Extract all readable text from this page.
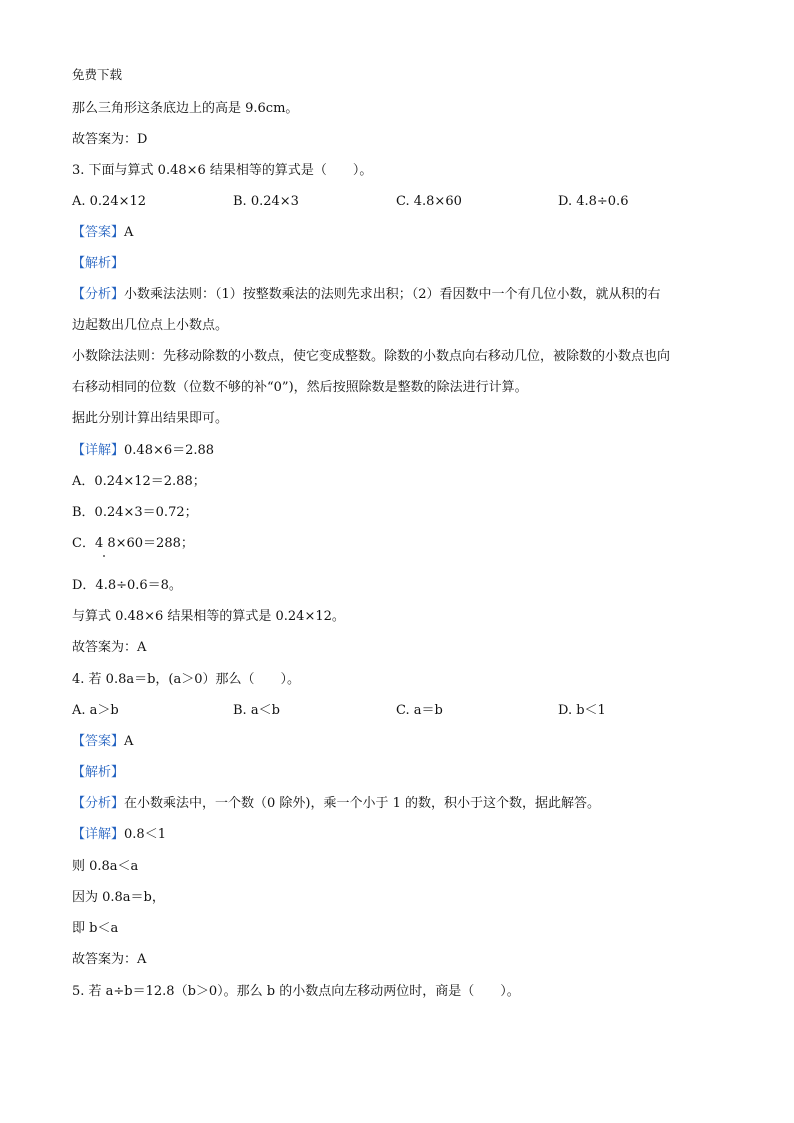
免费下载
那么三角形这条底边上的高是 9.6cm。
故答案为：D
3. 下面与算式 0.48×6 结果相等的算式是（　　）。
A. 0.24×12	B. 0.24×3	C. 4.8×60	D. 4.8÷0.6
【答案】A
【解析】
【分析】小数乘法法则：（1）按整数乘法的法则先求出积；（2）看因数中一个有几位小数，就从积的右
边起数出几位点上小数点。
小数除法法则：先移动除数的小数点，使它变成整数。除数的小数点向右移动几位，被除数的小数点也向
右移动相同的位数（位数不够的补“0”)，然后按照除数是整数的除法进行计算。
据此分别计算出结果即可。
【详解】0.48×6＝2.88
A．0.24×12＝2.88；
B．0.24×3＝0.72；
C．4 8×60＝288；
D．4.8÷0.6＝8。
与算式 0.48×6 结果相等的算式是 0.24×12。
故答案为：A
4. 若 0.8a＝b，(a＞0）那么（　　）。
A. a＞b	B. a＜b	C. a＝b	D. b＜1
【答案】A
【解析】
【分析】在小数乘法中，一个数（0 除外)，乘一个小于 1 的数，积小于这个数，据此解答。
【详解】0.8＜1
则 0.8a＜a
因为 0.8a＝b，
即 b＜a
故答案为：A
5. 若 a÷b＝12.8（b＞0）。那么 b 的小数点向左移动两位时，商是（　　）。
